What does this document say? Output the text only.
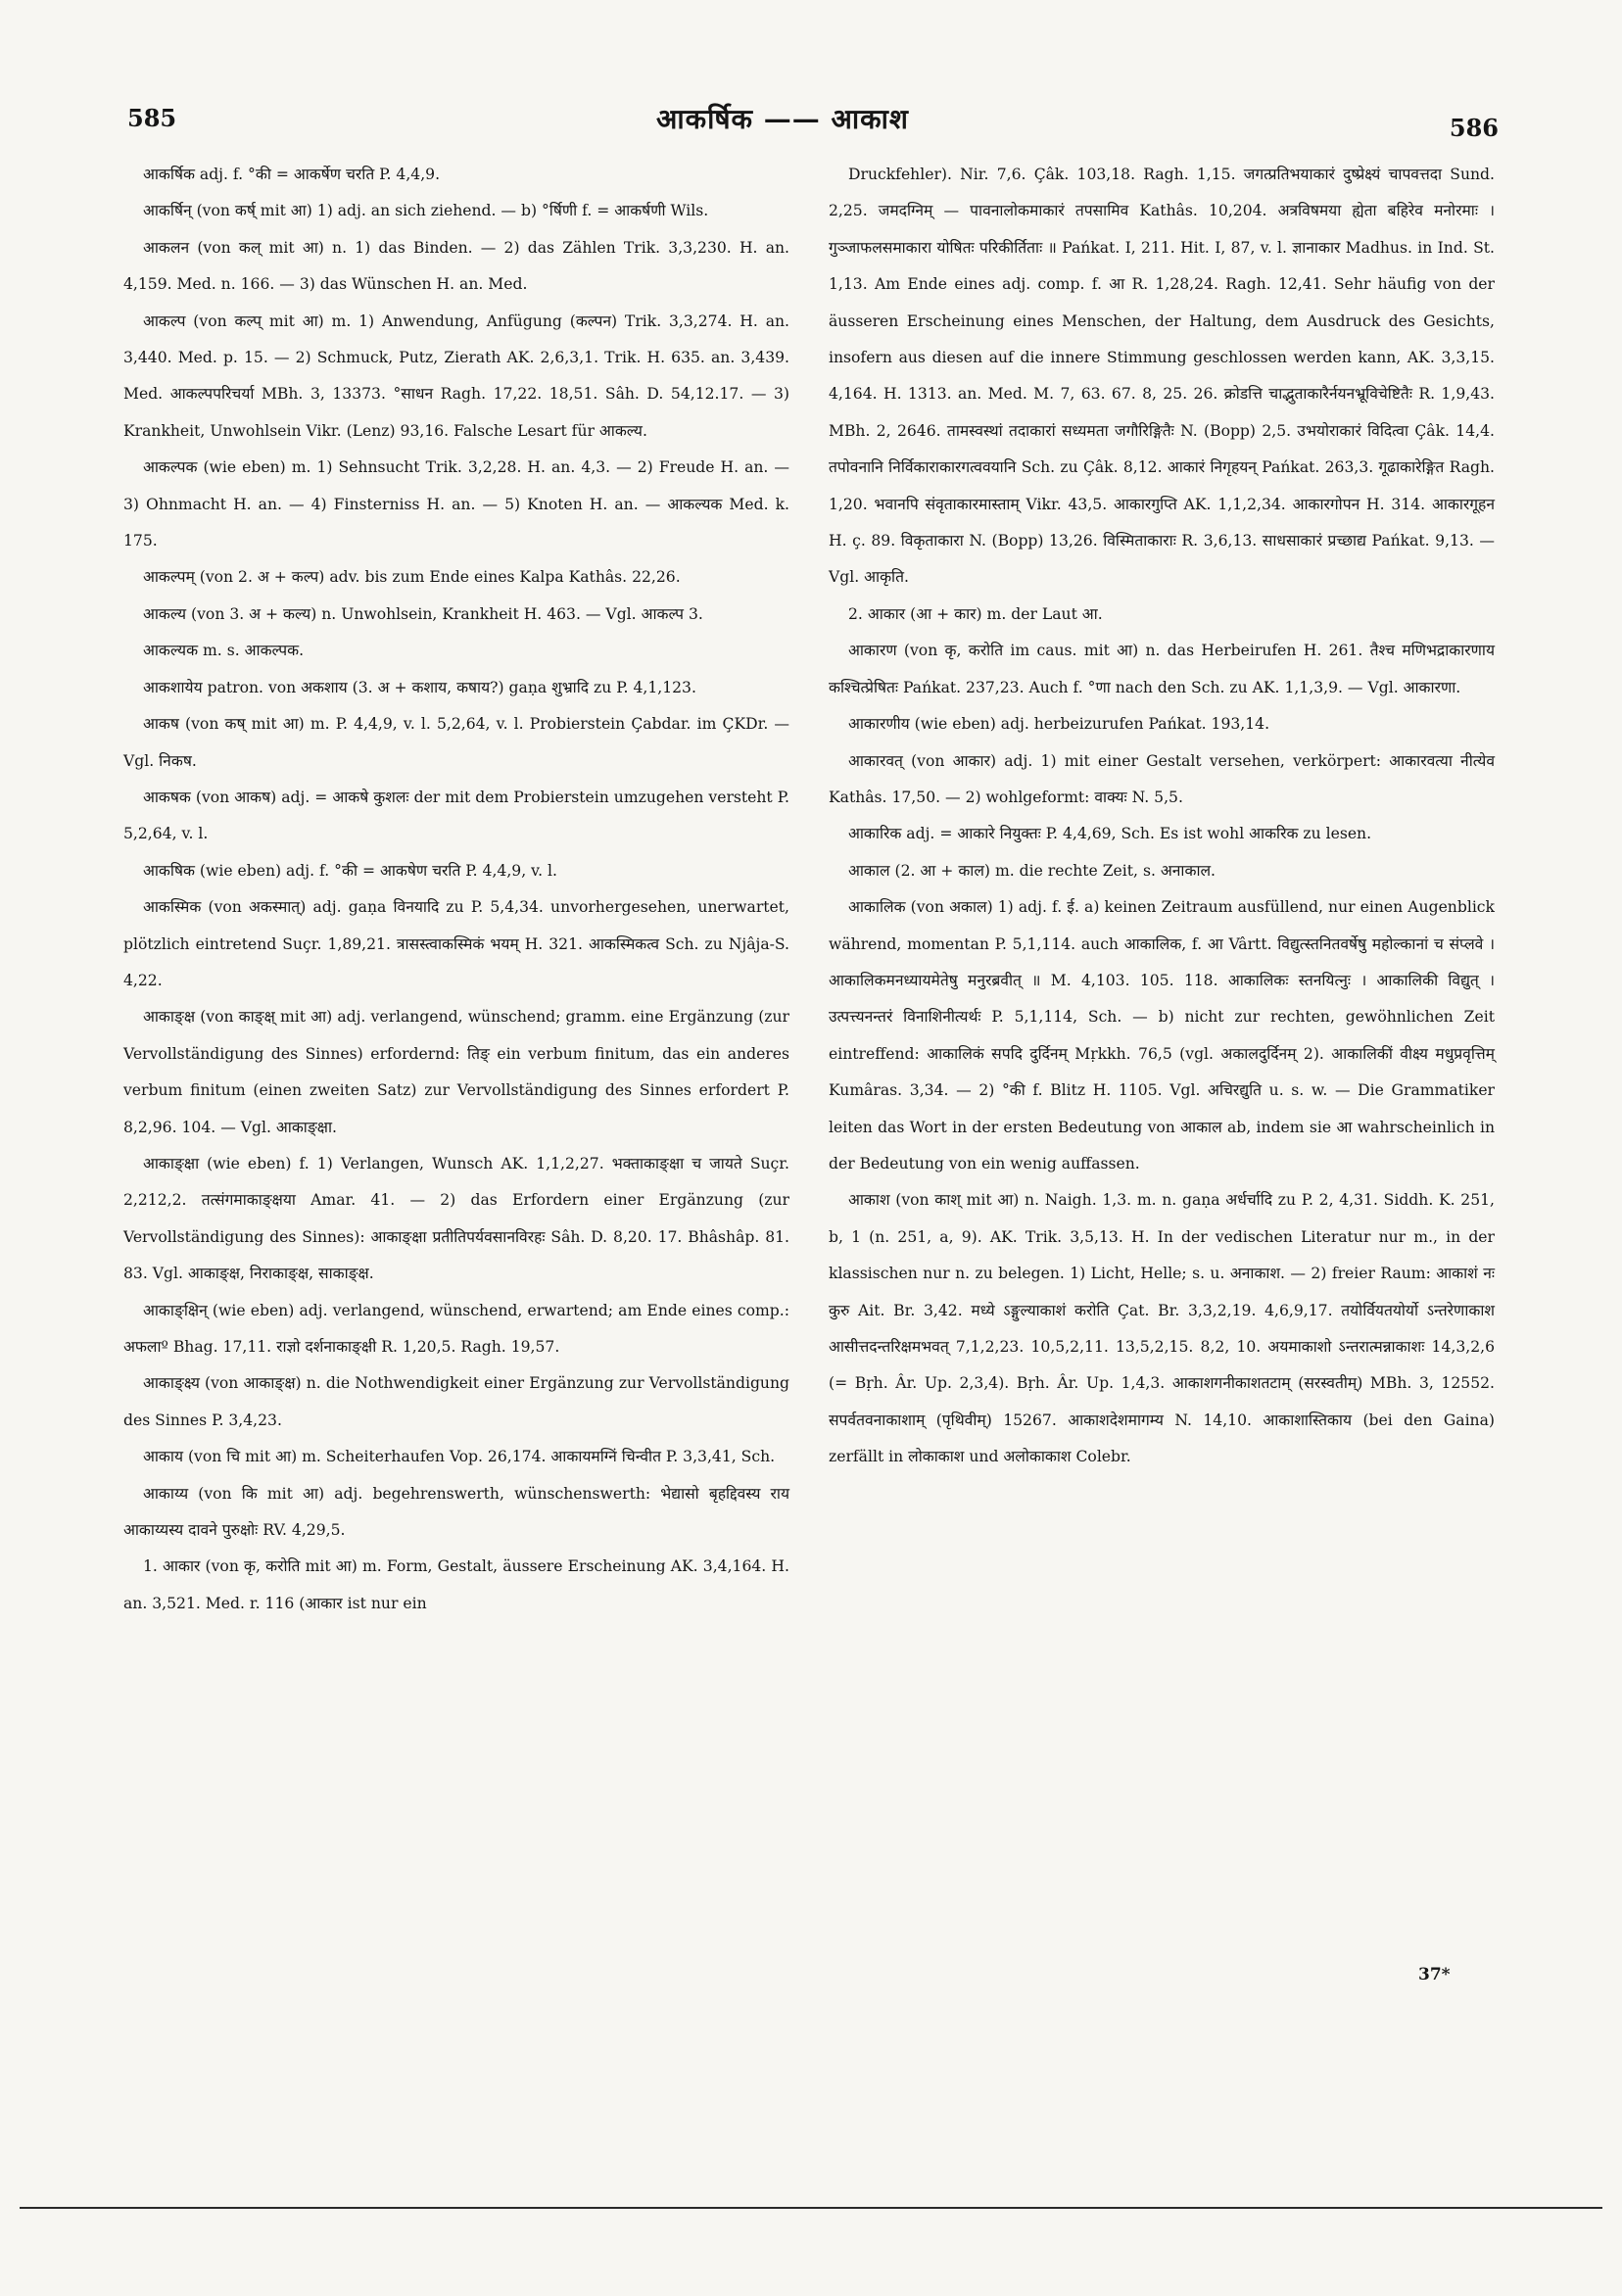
585	आकर्षिक —— आकाश	586

आकर्षिक adj. f. °की = आकर्षेण चरति P. 4,4,9.

आकर्षिन् (von कर्ष् mit आ) 1) adj. an sich ziehend. — b) °र्षिणी f. = आकर्षणी Wils.

आकलन (von कल् mit आ) n. 1) das Binden. — 2) das Zählen Trik. 3,3,230. H. an. 4,159. Med. n. 166. — 3) das Wünschen H. an. Med.

आकल्प (von कल्प् mit आ) m. 1) Anwendung, Anfügung (कल्पन) Trik. 3,3,274. H. an. 3,440. Med. p. 15. — 2) Schmuck, Putz, Zierath AK. 2,6,3,1. Trik. H. 635. an. 3,439. Med. आकल्पपरिचर्या MBh. 3, 13373. °साधन Ragh. 17,22. 18,51. Sâh. D. 54,12.17. — 3) Krankheit, Unwohlsein Vikr. (Lenz) 93,16. Falsche Lesart für आकल्य.

आकल्पक (wie eben) m. 1) Sehnsucht Trik. 3,2,28. H. an. 4,3. — 2) Freude H. an. — 3) Ohnmacht H. an. — 4) Finsterniss H. an. — 5) Knoten H. an. — आकल्यक Med. k. 175.

आकल्पम् (von 2. अ + कल्प) adv. bis zum Ende eines Kalpa Kathâs. 22,26.

आकल्य (von 3. अ + कल्य) n. Unwohlsein, Krankheit H. 463. — Vgl. आकल्प 3.

आकल्यक m. s. आकल्पक.

आकशायेय patron. von अकशाय (3. अ + कशाय, कषाय?) gaṇa शुभ्रादि zu P. 4,1,123.

आकष (von कष् mit आ) m. P. 4,4,9, v. l. 5,2,64, v. l. Probierstein Çabdar. im ÇKDr. — Vgl. निकष.

आकषक (von आकष) adj. = आकषे कुशलः der mit dem Probierstein umzugehen versteht P. 5,2,64, v. l.

आकषिक (wie eben) adj. f. °की = आकषेण चरति P. 4,4,9, v. l.

आकस्मिक (von अकस्मात्) adj. gaṇa विनयादि zu P. 5,4,34. unvorhergesehen, unerwartet, plötzlich eintretend Suçr. 1,89,21. त्रासस्त्वाकस्मिकं भयम् H. 321. आकस्मिकत्व Sch. zu Njâja-S. 4,22.

आकाङ्क्ष (von काङ्क्ष् mit आ) adj. verlangend, wünschend; gramm. eine Ergänzung (zur Vervollständigung des Sinnes) erfordernd: तिङ् ein verbum finitum, das ein anderes verbum finitum (einen zweiten Satz) zur Vervollständigung des Sinnes erfordert P. 8,2,96. 104. — Vgl. आकाङ्क्षा.

आकाङ्क्षा (wie eben) f. 1) Verlangen, Wunsch AK. 1,1,2,27. भक्ताकाङ्क्षा च जायते Suçr. 2,212,2. तत्संगमाकाङ्क्षया Amar. 41. — 2) das Erfordern einer Ergänzung (zur Vervollständigung des Sinnes): आकाङ्क्षा प्रतीतिपर्यवसानविरहः Sâh. D. 8,20. 17. Bhâshâp. 81. 83. Vgl. आकाङ्क्ष, निराकाङ्क्ष, साकाङ्क्ष.

आकाङ्क्षिन् (wie eben) adj. verlangend, wünschend, erwartend; am Ende eines comp.: अफलाº Bhag. 17,11. राज्ञो दर्शनाकाङ्क्षी R. 1,20,5. Ragh. 19,57.

आकाङ्क्ष्य (von आकाङ्क्ष) n. die Nothwendigkeit einer Ergänzung zur Vervollständigung des Sinnes P. 3,4,23.

आकाय (von चि mit आ) m. Scheiterhaufen Vop. 26,174. आकायमग्निं चिन्वीत P. 3,3,41, Sch.

आकाय्य (von कि mit आ) adj. begehrenswerth, wünschenswerth: भेद्यासो बृहद्दिवस्य राय आकाय्यस्य दावने पुरुक्षोः RV. 4,29,5.

1. आकार (von कृ, करोति mit आ) m. Form, Gestalt, äussere Erscheinung AK. 3,4,164. H. an. 3,521. Med. r. 116 (आकार ist nur ein

Druckfehler). Nir. 7,6. Çâk. 103,18. Ragh. 1,15. जगत्प्रतिभयाकारं दुष्प्रेक्ष्यं चापवत्तदा Sund. 2,25. जमदग्निम् — पावनालोकमाकारं तपसामिव Kathâs. 10,204. अत्रविषमया ह्येता बहिरेव मनोरमाः । गुञ्जाफलसमाकारा योषितः परिकीर्तिताः ॥ Pańkat. I, 211. Hit. I, 87, v. l. ज्ञानाकार Madhus. in Ind. St. 1,13. Am Ende eines adj. comp. f. आ R. 1,28,24. Ragh. 12,41. Sehr häufig von der äusseren Erscheinung eines Menschen, der Haltung, dem Ausdruck des Gesichts, insofern aus diesen auf die innere Stimmung geschlossen werden kann, AK. 3,3,15. 4,164. H. 1313. an. Med. M. 7, 63. 67. 8, 25. 26. क्रोडत्ति चाद्भुताकारैर्नयनभ्रूविचेष्टितैः R. 1,9,43. MBh. 2, 2646. तामस्वस्थां तदाकारां सध्यमता जगौरिङ्गितैः N. (Bopp) 2,5. उभयोराकारं विदित्वा Çâk. 14,4. तपोवनानि निर्विकाराकारगत्ववयानि Sch. zu Çâk. 8,12. आकारं निगृहयन् Pańkat. 263,3. गूढाकारेङ्गित Ragh. 1,20. भवानपि संवृताकारमास्ताम् Vikr. 43,5. आकारगुप्ति AK. 1,1,2,34. आकारगोपन H. 314. आकारगूहन H. ç. 89. विकृताकारा N. (Bopp) 13,26. विस्मिताकाराः R. 3,6,13. साधसाकारं प्रच्छाद्य Pańkat. 9,13. — Vgl. आकृति.

2. आकार (आ + कार) m. der Laut आ.

आकारण (von कृ, करोति im caus. mit आ) n. das Herbeirufen H. 261. तैश्च मणिभद्राकारणाय कश्चित्प्रेषितः Pańkat. 237,23. Auch f. °णा nach den Sch. zu AK. 1,1,3,9. — Vgl. आकारणा.

आकारणीय (wie eben) adj. herbeizurufen Pańkat. 193,14.

आकारवत् (von आकार) adj. 1) mit einer Gestalt versehen, verkörpert: आकारवत्या नीत्येव Kathâs. 17,50. — 2) wohlgeformt: वाक्यः N. 5,5.

आकारिक adj. = आकारे नियुक्तः P. 4,4,69, Sch. Es ist wohl आकरिक zu lesen.

आकाल (2. आ + काल) m. die rechte Zeit, s. अनाकाल.

आकालिक (von अकाल) 1) adj. f. ई. a) keinen Zeitraum ausfüllend, nur einen Augenblick während, momentan P. 5,1,114. auch आकालिक, f. आ Vârtt. विद्युत्स्तनितवर्षेषु महोल्कानां च संप्लवे । आकालिकमनध्यायमेतेषु मनुरब्रवीत् ॥ M. 4,103. 105. 118. आकालिकः स्तनयित्नुः । आकालिकी विद्युत् । उत्पत्त्यनन्तरं विनाशिनीत्यर्थः P. 5,1,114, Sch. — b) nicht zur rechten, gewöhnlichen Zeit eintreffend: आकालिकं सपदि दुर्दिनम् Mṛkkh. 76,5 (vgl. अकालदुर्दिनम् 2). आकालिकीं वीक्ष्य मधुप्रवृत्तिम् Kumâras. 3,34. — 2) °की f. Blitz H. 1105. Vgl. अचिरद्युति u. s. w. — Die Grammatiker leiten das Wort in der ersten Bedeutung von आकाल ab, indem sie आ wahrscheinlich in der Bedeutung von ein wenig auffassen.

आकाश (von काश् mit आ) n. Naigh. 1,3. m. n. gaṇa अर्धर्चादि zu P. 2, 4,31. Siddh. K. 251, b, 1 (n. 251, a, 9). AK. Trik. 3,5,13. H. In der vedischen Literatur nur m., in der klassischen nur n. zu belegen. 1) Licht, Helle; s. u. अनाकाश. — 2) freier Raum: आकाशं नः कुरु Ait. Br. 3,42. मध्ये ऽङ्गुल्याकाशं करोति Çat. Br. 3,3,2,19. 4,6,9,17. तयोर्वियतयोर्यो ऽन्तरेणाकाश आसीत्तदन्तरिक्षमभवत् 7,1,2,23. 10,5,2,11. 13,5,2,15. 8,2, 10. अयमाकाशो ऽन्तरात्मन्नाकाशः 14,3,2,6 (= Bṛh. Âr. Up. 2,3,4). Bṛh. Âr. Up. 1,4,3. आकाशगनीकाशतटाम् (सरस्वतीम्) MBh. 3, 12552. सपर्वतवनाकाशाम् (पृथिवीम्) 15267. आकाशदेशमागम्य N. 14,10. आकाशास्तिकाय (bei den Gaina) zerfällt in लोकाकाश und अलोकाकाश Colebr.

37*
